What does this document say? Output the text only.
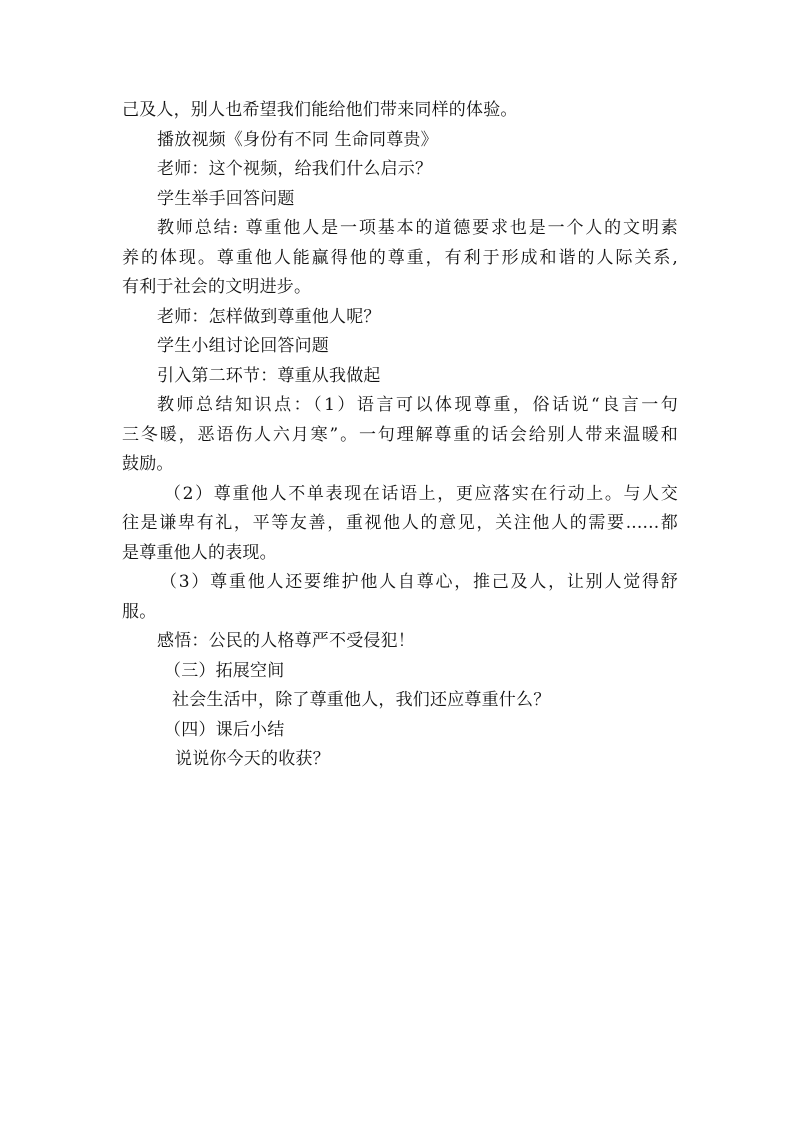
己及人，别人也希望我们能给他们带来同样的体验。
播放视频《身份有不同 生命同尊贵》
老师：这个视频，给我们什么启示？
学生举手回答问题
教师总结: 尊重他人是一项基本的道德要求也是一个人的文明素
养的体现。尊重他人能赢得他的尊重，有利于形成和谐的人际关系,
有利于社会的文明进步。
老师：怎样做到尊重他人呢？
学生小组讨论回答问题
引入第二环节：尊重从我做起
教师总结知识点：（1）语言可以体现尊重，俗话说“良言一句
三冬暖，恶语伤人六月寒”。一句理解尊重的话会给别人带来温暖和
鼓励。
（2）尊重他人不单表现在话语上，更应落实在行动上。与人交
往是谦卑有礼，平等友善，重视他人的意见，关注他人的需要......都
是尊重他人的表现。
（3）尊重他人还要维护他人自尊心，推己及人，让别人觉得舒
服。
感悟：公民的人格尊严不受侵犯！
（三）拓展空间
社会生活中，除了尊重他人，我们还应尊重什么？
（四）课后小结
说说你今天的收获？
